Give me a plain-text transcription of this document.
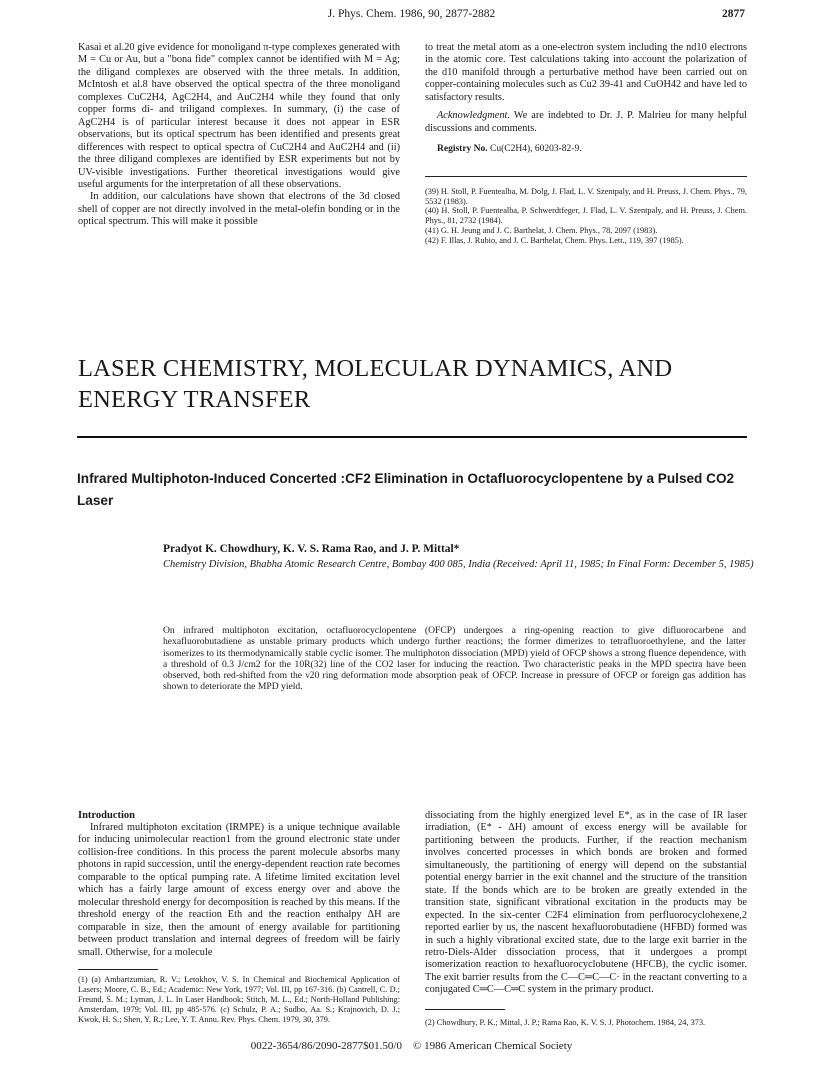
J. Phys. Chem. 1986, 90, 2877-2882	2877

Kasai et al.20 give evidence for monoligand π-type complexes generated with M = Cu or Au, but a "bona fide" complex cannot be identified with M = Ag; the diligand complexes are observed with the three metals. In addition, McIntosh et al.8 have observed the optical spectra of the three monoligand complexes CuC2H4, AgC2H4, and AuC2H4 while they found that only copper forms di- and triligand complexes. In summary, (i) the case of AgC2H4 is of particular interest because it does not appear in ESR observations, but its optical spectrum has been identified and presents great differences with respect to optical spectra of CuC2H4 and AuC2H4 and (ii) the three diligand complexes are identified by ESR experiments but not by UV-visible investigations. Further theoretical investigations would give useful arguments for the interpretation of all these observations.

In addition, our calculations have shown that electrons of the 3d closed shell of copper are not directly involved in the metal-olefin bonding or in the optical spectrum. This will make it possible

to treat the metal atom as a one-electron system including the nd10 electrons in the atomic core. Test calculations taking into account the polarization of the d10 manifold through a perturbative method have been carried out on copper-containing molecules such as Cu2 39-41 and CuOH42 and have led to satisfactory results.
Acknowledgment. We are indebted to Dr. J. P. Malrieu for many helpful discussions and comments.
Registry No. Cu(C2H4), 60203-82-9.

(39) H. Stoll, P. Fuentealba, M. Dolg, J. Flad, L. V. Szentpaly, and H. Preuss, J. Chem. Phys., 79, 5532 (1983).

(40) H. Stoll, P. Fuentealba, P. Schwerdtfeger, J. Flad, L. V. Szentpaly, and H. Preuss, J. Chem. Phys., 81, 2732 (1984).

(41) G. H. Jeung and J. C. Barthelat, J. Chem. Phys., 78, 2097 (1983).

(42) F. Illas, J. Rubio, and J. C. Barthelat, Chem. Phys. Lett., 119, 397 (1985).

LASER CHEMISTRY, MOLECULAR DYNAMICS, AND
ENERGY TRANSFER
Infrared Multiphoton-Induced Concerted :CF2 Elimination in Octafluorocyclopentene by a Pulsed CO2 Laser
Pradyot K. Chowdhury, K. V. S. Rama Rao, and J. P. Mittal*
Chemistry Division, Bhabha Atomic Research Centre, Bombay 400 085, India (Received: April 11, 1985; In Final Form: December 5, 1985)
On infrared multiphoton excitation, octafluorocyclopentene (OFCP) undergoes a ring-opening reaction to give difluorocarbene and hexafluorobutadiene as unstable primary products which undergo further reactions; the former dimerizes to tetrafluoroethylene, and the latter isomerizes to its thermodynamically stable cyclic isomer. The multiphoton dissociation (MPD) yield of OFCP shows a strong fluence dependence, with a threshold of 0.3 J/cm2 for the 10R(32) line of the CO2 laser for inducing the reaction. Two characteristic peaks in the MPD spectra have been observed, both red-shifted from the ν20 ring deformation mode absorption peak of OFCP. Increase in pressure of OFCP or foreign gas addition has shown to deteriorate the MPD yield.
Introduction
Infrared multiphoton excitation (IRMPE) is a unique technique available for inducing unimolecular reaction1 from the ground electronic state under collision-free conditions. In this process the parent molecule absorbs many photons in rapid succession, until the energy-dependent reaction rate becomes comparable to the optical pumping rate. A lifetime limited excitation level which has a fairly large amount of excess energy over and above the molecular threshold energy for decomposition is reached by this means. If the threshold energy of the reaction Eth and the reaction enthalpy ΔH are comparable in size, then the amount of energy available for partitioning between product translation and internal degrees of freedom will be fairly small. Otherwise, for a molecule
(1) (a) Ambartzumian, R. V.; Letokhov, V. S. In Chemical and Biochemical Application of Lasers; Moore, C. B., Ed.; Academic: New York, 1977; Vol. III, pp 167-316. (b) Cantrell, C. D.; Freund, S. M.; Lyman, J. L. In Laser Handbook; Stitch, M. L., Ed.; North-Holland Publishing: Amsterdam, 1979; Vol. III, pp 485-576. (c) Schulz, P. A.; Sudbo, Aa. S.; Krajnovich, D. J.; Kwok, H. S.; Shen, Y. R.; Lee, Y. T. Annu. Rev. Phys. Chem. 1979, 30, 379.
dissociating from the highly energized level E*, as in the case of IR laser irradiation, (E* - ΔH) amount of excess energy will be available for partitioning between the products. Further, if the reaction mechanism involves concerted processes in which bonds are broken and formed simultaneously, the partitioning of energy will depend on the substantial potential energy barrier in the exit channel and the structure of the transition state. If the bonds which are to be broken are greatly extended in the transition state, significant vibrational excitation in the products may be expected. In the six-center C2F4 elimination from perfluorocyclohexene,2 reported earlier by us, the nascent hexafluorobutadiene (HFBD) formed was in such a highly vibrational excited state, due to the large exit barrier in the retro-Diels-Alder dissociation process, that it undergoes a prompt isomerization reaction to hexafluorocyclobutene (HFCB), the cyclic isomer. The exit barrier results from the C—C═C—C· in the reactant converting to a conjugated C═C—C═C system in the primary product.
(2) Chowdhury, P. K.; Mittal, J. P.; Rama Rao, K. V. S. J. Photochem. 1984, 24, 373.
0022-3654/86/2090-2877$01.50/0 © 1986 American Chemical Society
